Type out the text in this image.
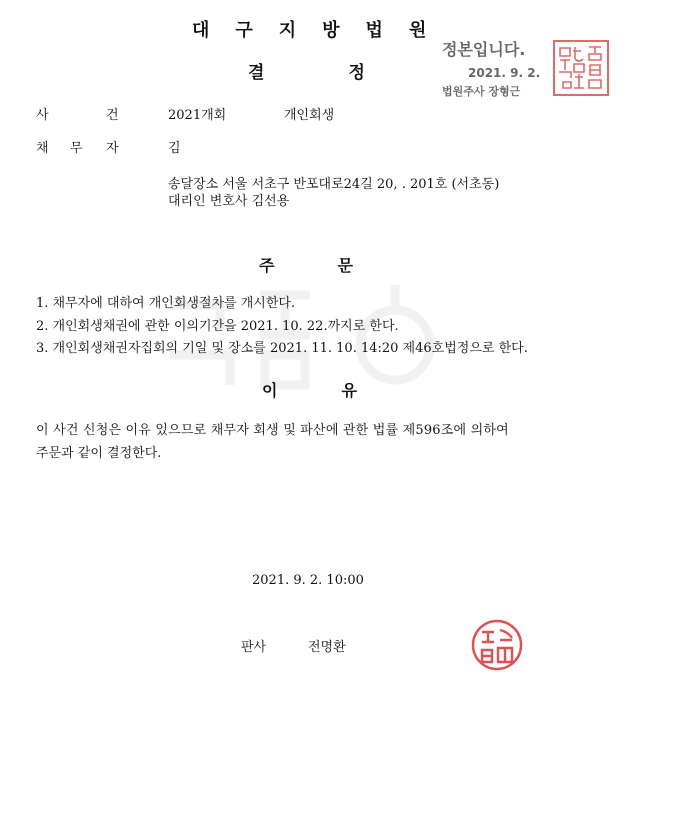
대구지방법원
결	정
정본입니다.
2021. 9. 2.
법원주사 장형근
사	건	2021개회	개인회생
채 무 자	김
송달장소 서울 서초구 반포대로24길 20, . 201호 (서초동)
대리인 변호사 김선용
주	문
1. 채무자에 대하여 개인회생절차를 개시한다.
2. 개인회생채권에 관한 이의기간을 2021. 10. 22.까지로 한다.
3. 개인회생채권자집회의 기일 및 장소를 2021. 11. 10. 14:20 제46호법정으로 한다.
이	유
이 사건 신청은 이유 있으므로 채무자 회생 및 파산에 관한 법률 제596조에 의하여
주문과 같이 결정한다.
2021. 9. 2. 10:00
판사	전명환
